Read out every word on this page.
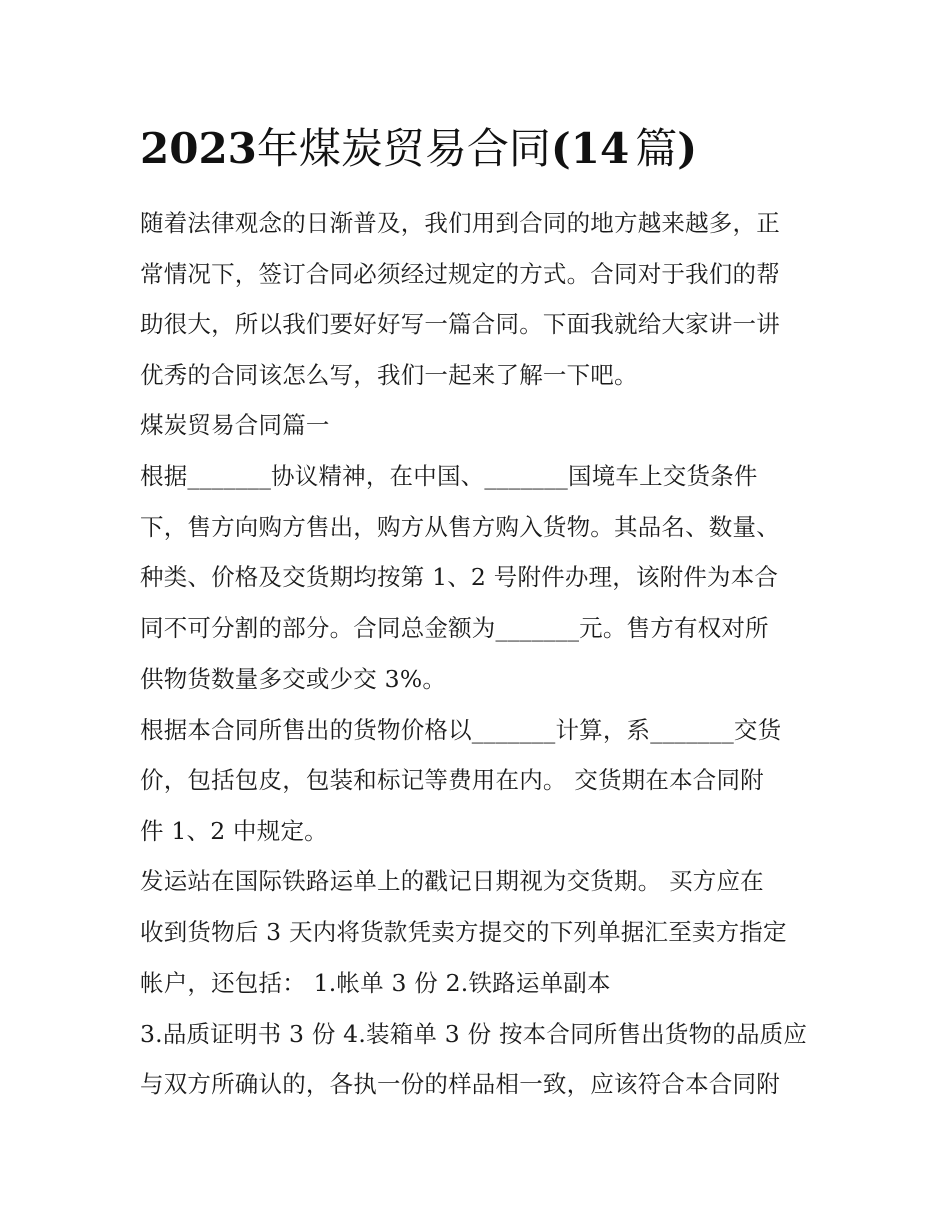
2023年煤炭贸易合同(14 篇)
随着法律观念的日渐普及，我们用到合同的地方越来越多，正
常情况下，签订合同必须经过规定的方式。合同对于我们的帮
助很大，所以我们要好好写一篇合同。下面我就给大家讲一讲
优秀的合同该怎么写，我们一起来了解一下吧。
煤炭贸易合同篇一
根据_______协议精神，在中国、_______国境车上交货条件
下，售方向购方售出，购方从售方购入货物。其品名、数量、
种类、价格及交货期均按第 1、2 号附件办理，该附件为本合
同不可分割的部分。合同总金额为_______元。售方有权对所
供物货数量多交或少交 3%。
根据本合同所售出的货物价格以_______计算，系_______交货
价，包括包皮，包装和标记等费用在内。 交货期在本合同附
件 1、2 中规定。
发运站在国际铁路运单上的戳记日期视为交货期。 买方应在
收到货物后 3 天内将货款凭卖方提交的下列单据汇至卖方指定
帐户，还包括： 1.帐单 3 份 2.铁路运单副本
3.品质证明书 3 份 4.装箱单 3 份 按本合同所售出货物的品质应
与双方所确认的，各执一份的样品相一致，应该符合本合同附
